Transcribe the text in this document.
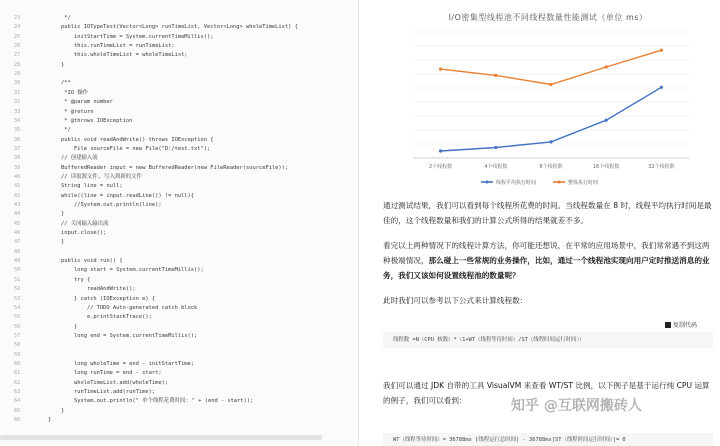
23	*/
24	public IOTypeTest(Vector<Long> runTimeList, Vector<Long> wholeTimeList) {
25	initStartTime = System.currentTimeMillis();
26	this.runTimeList = runTimeList;
27	this.wholeTimeList = wholeTimeList;
28	}
29
30	/**
31	*IO 操作
32	* @param number
33	* @return
34	* @throws IOException
35	*/
36	public void readAndWrite() throws IOException {
37	File sourceFile = new File("D:/test.txt");
38	// 创建输入流
39	BufferedReader input = new BufferedReader(new FileReader(sourceFile));
40	// 读取源文件, 写入到新的文件
41	String line = null;
42	while((line = input.readLine()) != null){
43	//System.out.println(line);
44	}
45	// 关闭输入输出流
46	input.close();
47	}
48
49	public void run() {
50	long start = System.currentTimeMillis();
51	try {
52	readAndWrite();
53	} catch (IOException e) {
54	// TODO Auto-generated catch block
55	e.printStackTrace();
56	}
57	long end = System.currentTimeMillis();
58
59
60	long wholeTime = end - initStartTime;
61	long runTime = end - start;
62	wholeTimeList.add(wholeTime);
63	runTimeList.add(runTime);
64	System.out.println(" 单个线程花费时间: " + (end - start));
65	}
66	}
I/O密集型线程池不同线程数量性能测试（单位 ms）
2个线程数	4个线程数	8个线程数	16个线程数	32个线程数
线程平均执行时间	整体执行时间
通过测试结果，我们可以看到每个线程所花费的时间。当线程数量在 8 时，线程平均执行时间是最佳的，这个线程数量和我们的计算公式所得的结果就差不多。
看完以上两种情况下的线程计算方法，你可能还想说，在平常的应用场景中，我们常常遇不到这两种极端情况，那么碰上一些常规的业务操作，比如，通过一个线程池实现向用户定时推送消息的业务，我们又该如何设置线程池的数量呢？
此时我们可以参考以下公式来计算线程数：
复制代码
线程数 =N（CPU 核数）*（1+WT（线程等待时间）/ST（线程时间运行时间））
我们可以通过 JDK 自带的工具 VisualVM 来查看 WT/ST 比例，以下例子是基于运行纯 CPU 运算的例子，我们可以看到：
WT（线程等待时间）= 36788ms [线程运行总时间] - 36788ms[ST（线程时间运行时间）]= 0
知乎 @互联网搬砖人
